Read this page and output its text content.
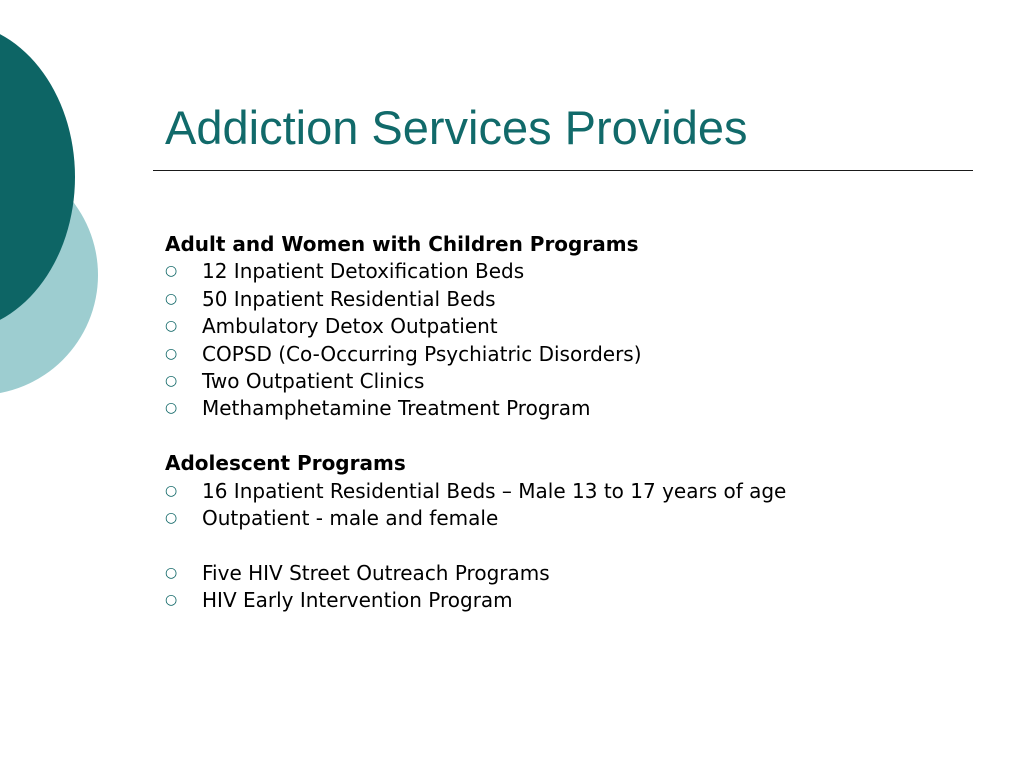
Addiction Services Provides
Adult and Women with Children Programs
○ 12 Inpatient Detoxification Beds
○ 50 Inpatient Residential Beds
○ Ambulatory Detox Outpatient
○ COPSD (Co-Occurring Psychiatric Disorders)
○ Two Outpatient Clinics
○ Methamphetamine Treatment Program
Adolescent Programs
○ 16 Inpatient Residential Beds – Male 13 to 17 years of age
○ Outpatient - male and female
○ Five HIV Street Outreach Programs
○ HIV Early Intervention Program
